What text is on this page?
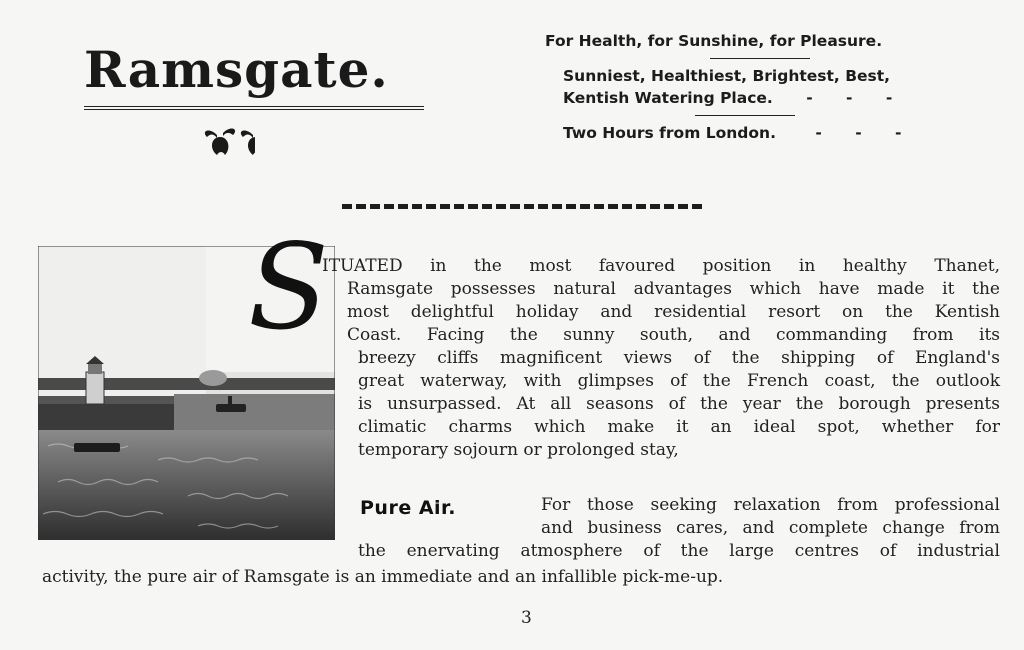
Ramsgate.	For Health, for Sunshine, for Pleasure.

Sunniest, Healthiest, Brightest, Best,

Kentish Watering Place. - - -

Two Hours from London.	- - -

S
ITUATED in the most favoured position in healthy Thanet,
Ramsgate possesses natural advantages which have made it the
most delightful holiday and residential resort on the Kentish
Coast. Facing the sunny south, and commanding from its
breezy cliffs magnificent views of the shipping of England's
great waterway, with glimpses of the French coast, the outlook
is unsurpassed. At all seasons of the year the borough presents
climatic charms which make it an ideal spot, whether for
temporary sojourn or prolonged stay,
Pure Air.	For those seeking relaxation from professional
and business cares, and complete change from
the enervating atmosphere of the large centres of industrial
activity, the pure air of Ramsgate is an immediate and an infallible pick-me-up.
3
